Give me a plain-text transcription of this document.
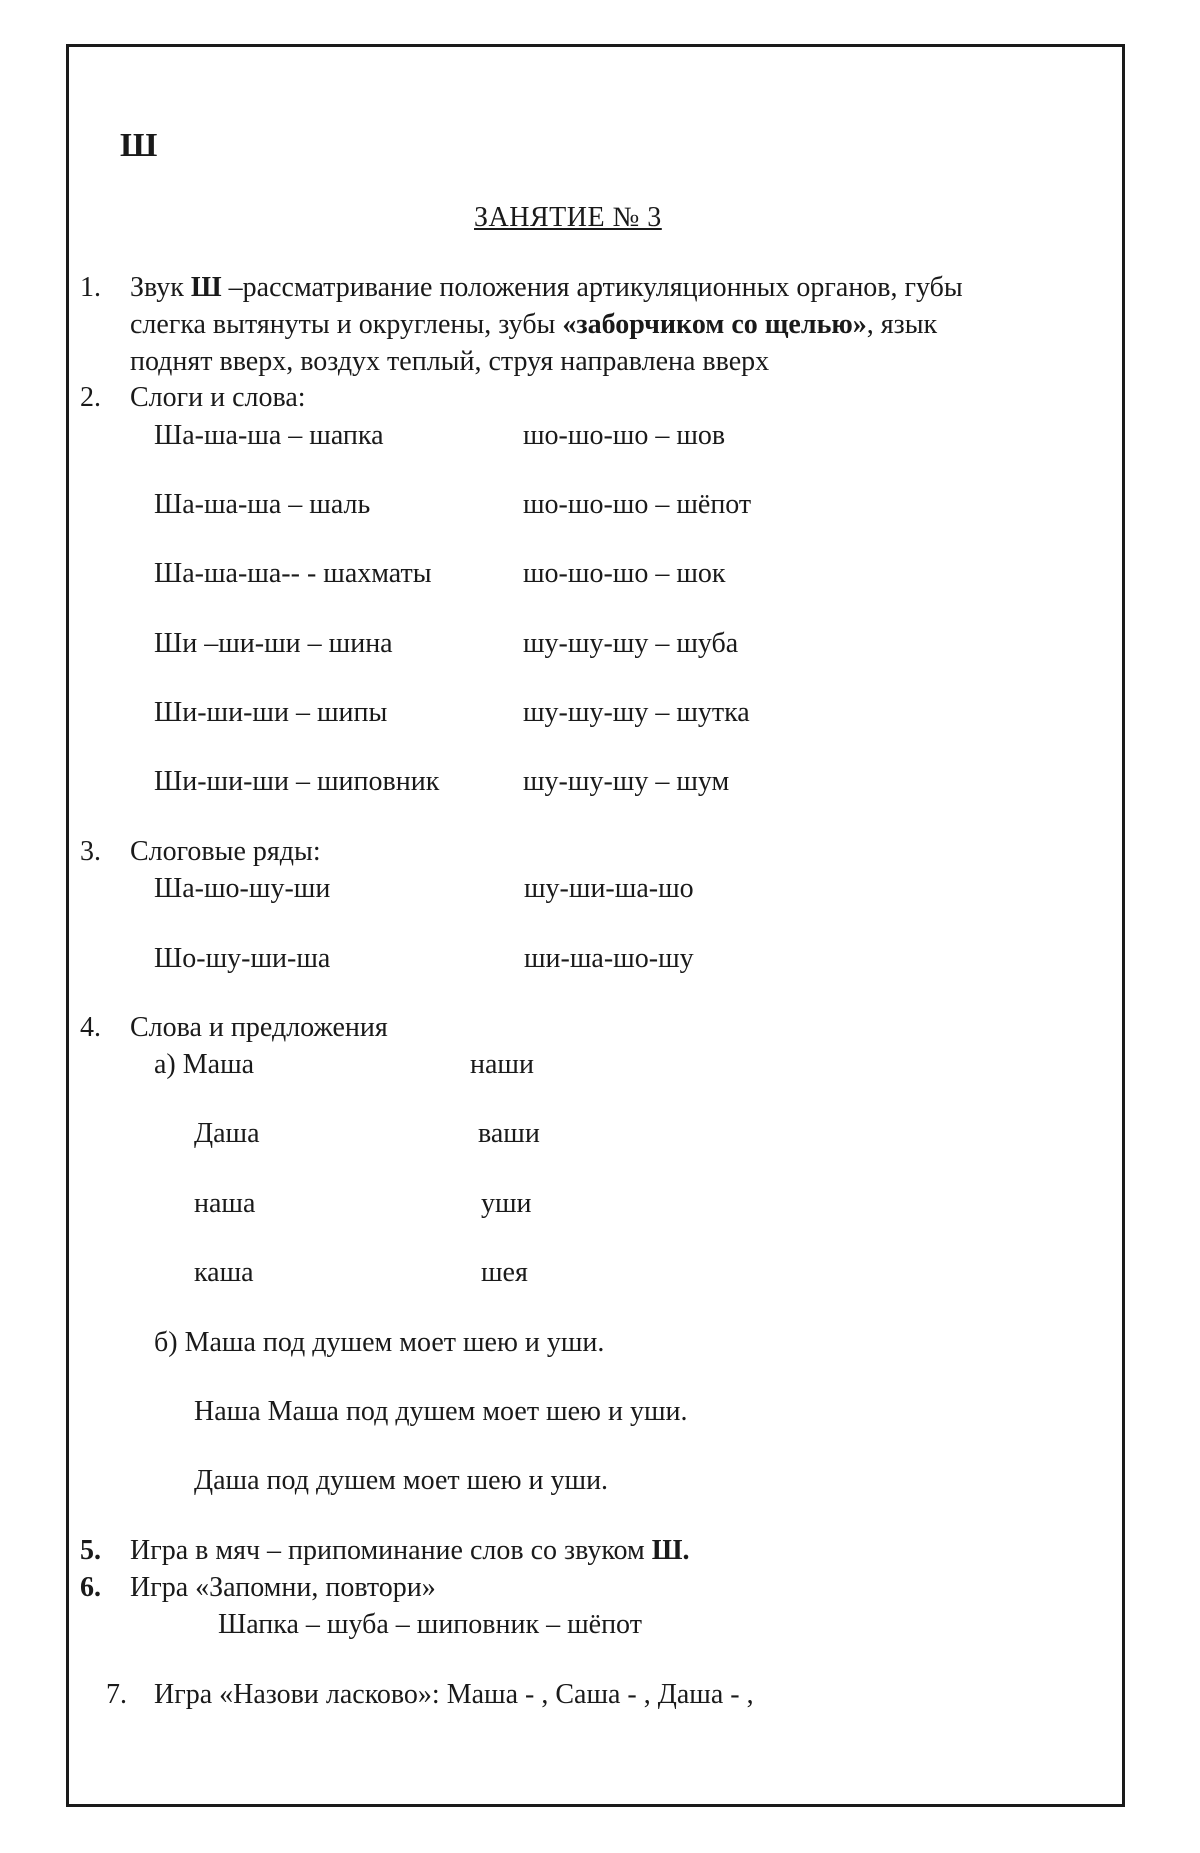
Ш
ЗАНЯТИЕ № 3
1. Звук Ш –рассматривание положения артикуляционных органов, губы
слегка вытянуты и округлены, зубы «заборчиком со щелью», язык
поднят вверх, воздух теплый, струя направлена вверх
2. Слоги и слова:
Ша-ша-ша – шапка	шо-шо-шо – шов
Ша-ша-ша – шаль	шо-шо-шо – шёпот
Ша-ша-ша-- - шахматы	шо-шо-шо – шок
Ши –ши-ши – шина	шу-шу-шу – шуба
Ши-ши-ши – шипы	шу-шу-шу – шутка
Ши-ши-ши – шиповник	шу-шу-шу – шум
3. Слоговые ряды:
Ша-шо-шу-ши	шу-ши-ша-шо
Шо-шу-ши-ша	ши-ша-шо-шу
4. Слова и предложения
а) Маша	наши
Даша	ваши
наша	уши
каша	шея
б) Маша под душем моет шею и уши.
Наша Маша под душем моет шею и уши.
Даша под душем моет шею и уши.
5. Игра в мяч – припоминание слов со звуком Ш.
6. Игра «Запомни, повтори»
Шапка – шуба – шиповник – шёпот
7. Игра «Назови ласково»: Маша - , Саша - , Даша - ,
